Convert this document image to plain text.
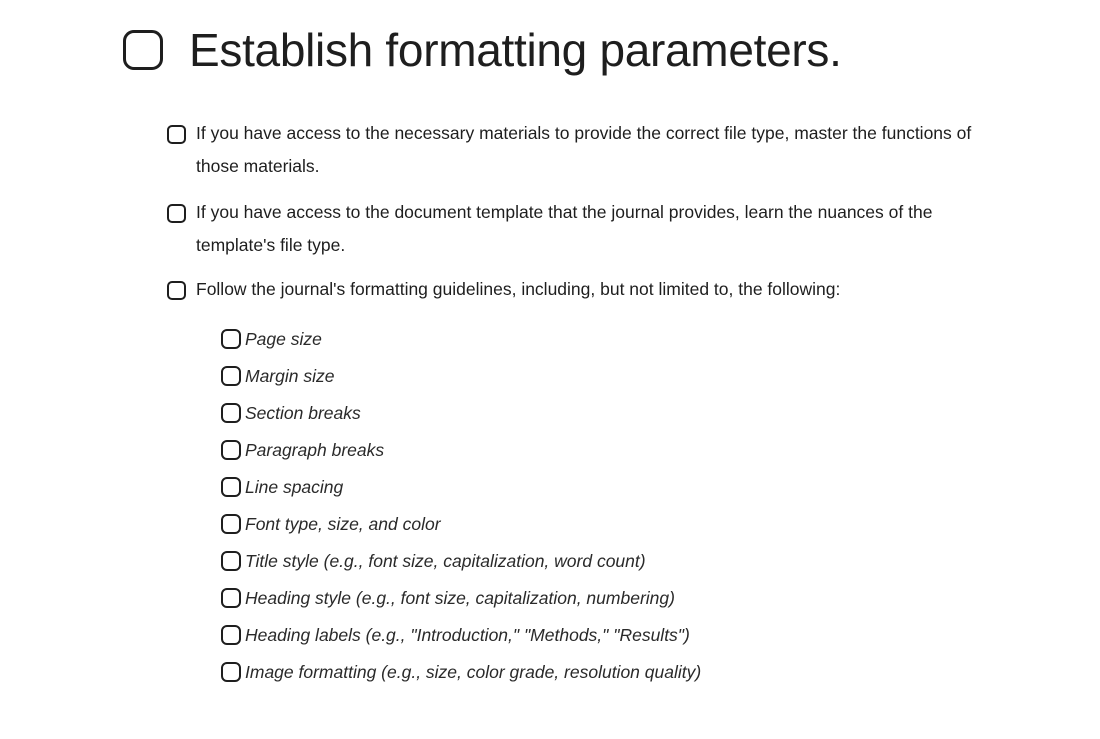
Establish formatting parameters.
If you have access to the necessary materials to provide the correct file type, master the functions of those materials.
If you have access to the document template that the journal provides, learn the nuances of the template's file type.
Follow the journal's formatting guidelines, including, but not limited to, the following:
Page size
Margin size
Section breaks
Paragraph breaks
Line spacing
Font type, size, and color
Title style (e.g., font size, capitalization, word count)
Heading style (e.g., font size, capitalization, numbering)
Heading labels (e.g., "Introduction," "Methods," "Results")
Image formatting (e.g., size, color grade, resolution quality)
